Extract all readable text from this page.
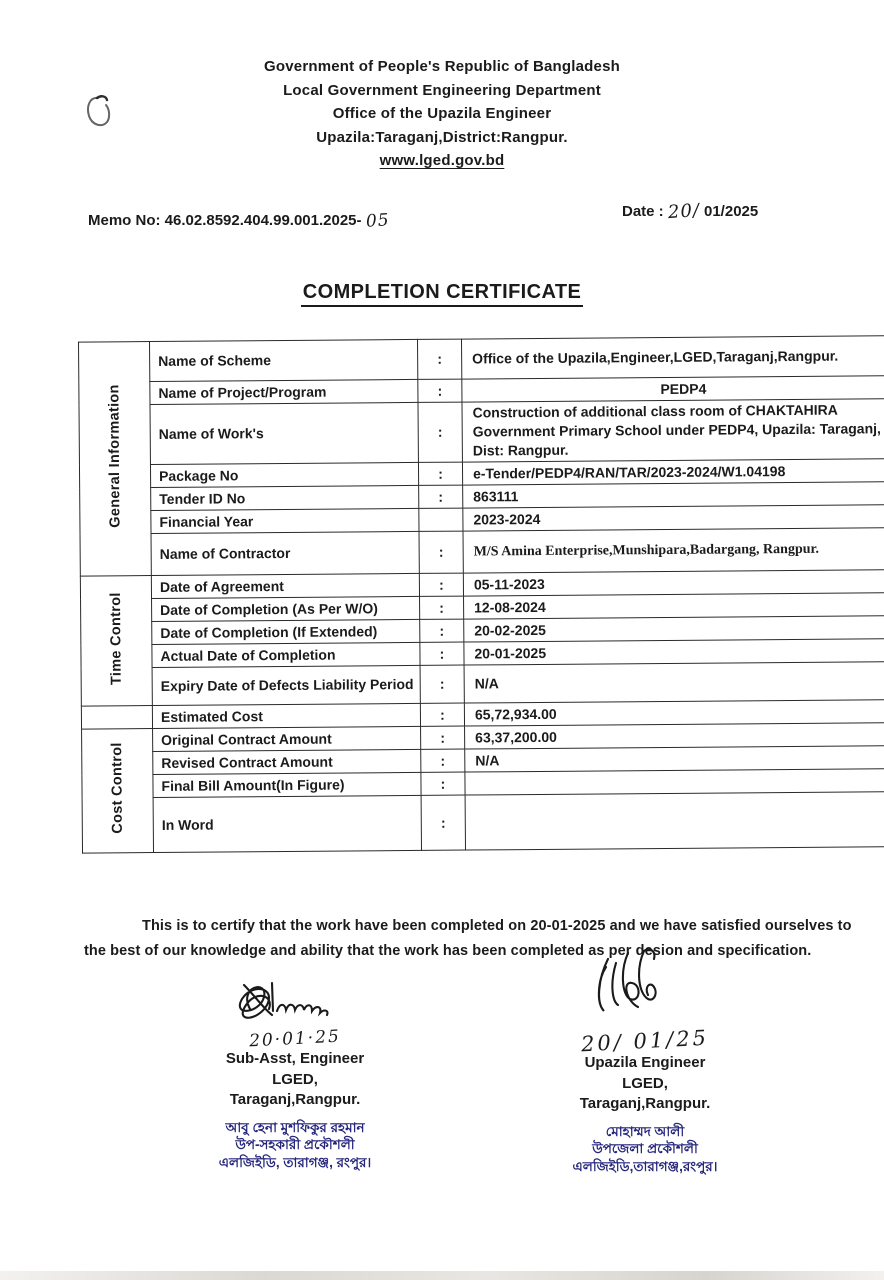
Government of People's Republic of Bangladesh
Local Government Engineering Department
Office of the Upazila Engineer
Upazila:Taraganj,District:Rangpur.
www.lged.gov.bd
Memo No: 46.02.8592.404.99.001.2025- 05	Date : 20/ 01/2025
COMPLETION CERTIFICATE
General Information	Name of Scheme	:	Office of the Upazila,Engineer,LGED,Taraganj,Rangpur.
	Name of Project/Program	:	PEDP4
	Name of Work's	:	Construction of additional class room of CHAKTAHIRA Government Primary School under PEDP4, Upazila: Taraganj, Dist: Rangpur.
	Package No	:	e-Tender/PEDP4/RAN/TAR/2023-2024/W1.04198
	Tender ID No	:	863111
	Financial Year		2023-2024
	Name of Contractor	:	M/S Amina Enterprise,Munshipara,Badargang, Rangpur.
Time Control	Date of Agreement	:	05-11-2023
	Date of Completion (As Per W/O)	:	12-08-2024
	Date of Completion (If Extended)	:	20-02-2025
	Actual Date of Completion	:	20-01-2025
	Expiry Date of Defects Liability Period	:	N/A
	Estimated Cost	:	65,72,934.00
Cost Control	Original Contract Amount	:	63,37,200.00
	Revised Contract Amount	:	N/A
	Final Bill Amount(In Figure)	:	
	In Word	:	

This is to certify that the work have been completed on 20-01-2025 and we have satisfied ourselves to the best of our knowledge and ability that the work has been completed as per desion and specification.

20·01·25
Sub-Asst, Engineer
LGED,
Taraganj,Rangpur.
আবু হেনা মুশফিকুর রহমান
উপ-সহকারী প্রকৌশলী
এলজিইডি, তারাগঞ্জ, রংপুর।
20/ 01/25
Upazila Engineer
LGED,
Taraganj,Rangpur.
মোহাম্মদ আলী
উপজেলা প্রকৌশলী
এলজিইডি,তারাগঞ্জ,রংপুর।
